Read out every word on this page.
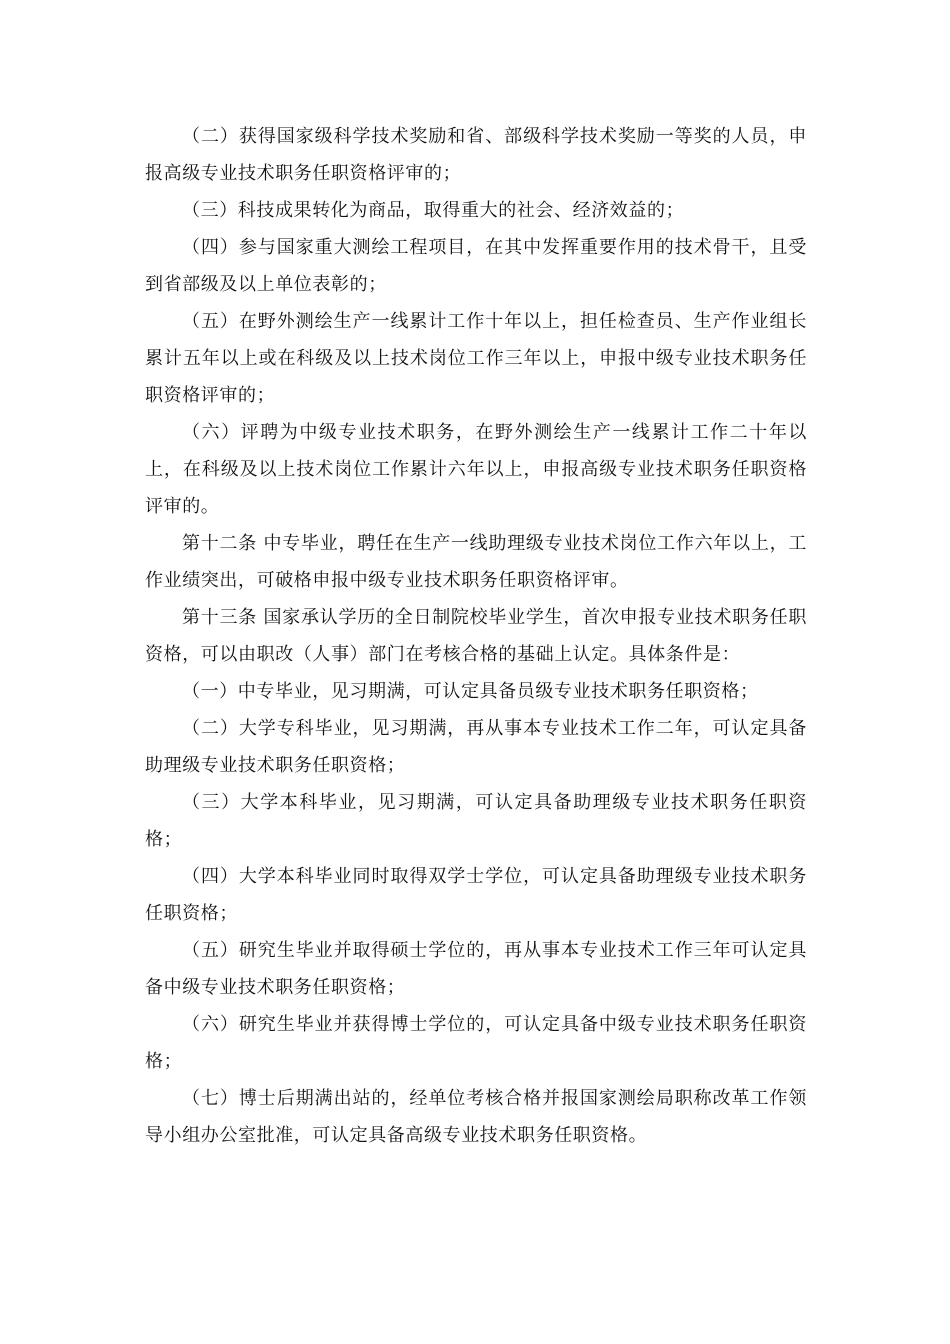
（二）获得国家级科学技术奖励和省、部级科学技术奖励一等奖的人员，申报高级专业技术职务任职资格评审的；

（三）科技成果转化为商品，取得重大的社会、经济效益的；

（四）参与国家重大测绘工程项目，在其中发挥重要作用的技术骨干，且受到省部级及以上单位表彰的；

（五）在野外测绘生产一线累计工作十年以上，担任检查员、生产作业组长累计五年以上或在科级及以上技术岗位工作三年以上，申报中级专业技术职务任职资格评审的；

（六）评聘为中级专业技术职务，在野外测绘生产一线累计工作二十年以上，在科级及以上技术岗位工作累计六年以上，申报高级专业技术职务任职资格评审的。

第十二条 中专毕业，聘任在生产一线助理级专业技术岗位工作六年以上，工作业绩突出，可破格申报中级专业技术职务任职资格评审。

第十三条 国家承认学历的全日制院校毕业学生，首次申报专业技术职务任职资格，可以由职改（人事）部门在考核合格的基础上认定。具体条件是：

（一）中专毕业，见习期满，可认定具备员级专业技术职务任职资格；

（二）大学专科毕业，见习期满，再从事本专业技术工作二年，可认定具备助理级专业技术职务任职资格；

（三）大学本科毕业，见习期满，可认定具备助理级专业技术职务任职资格；

（四）大学本科毕业同时取得双学士学位，可认定具备助理级专业技术职务任职资格；

（五）研究生毕业并取得硕士学位的，再从事本专业技术工作三年可认定具备中级专业技术职务任职资格；

（六）研究生毕业并获得博士学位的，可认定具备中级专业技术职务任职资格；

（七）博士后期满出站的，经单位考核合格并报国家测绘局职称改革工作领导小组办公室批准，可认定具备高级专业技术职务任职资格。
